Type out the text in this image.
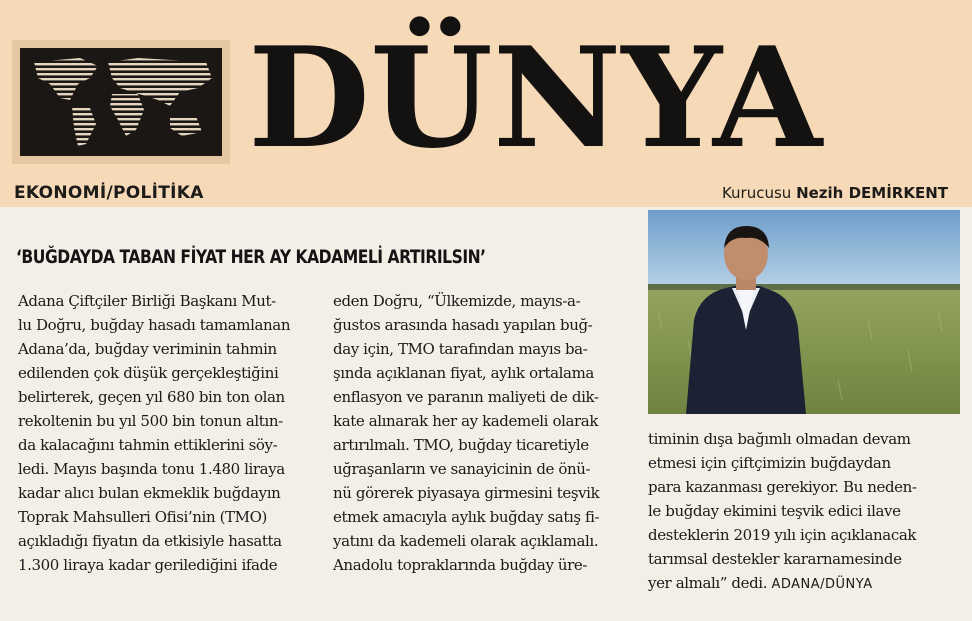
DÜNYA
EKONOMİ/POLİTİKA	Kurucusu Nezih DEMİRKENT
‘BUĞDAYDA TABAN FİYAT HER AY KADAMELİ ARTIRILSIN’
Adana Çiftçiler Birliği Başkanı Mut-
lu Doğru, buğday hasadı tamamlanan
Adana’da, buğday veriminin tahmin
edilenden çok düşük gerçekleştiğini
belirterek, geçen yıl 680 bin ton olan
rekoltenin bu yıl 500 bin tonun altın-
da kalacağını tahmin ettiklerini söy-
ledi. Mayıs başında tonu 1.480 liraya
kadar alıcı bulan ekmeklik buğdayın
Toprak Mahsulleri Ofisi’nin (TMO)
açıkladığı fiyatın da etkisiyle hasatta
1.300 liraya kadar gerilediğini ifade
eden Doğru, “Ülkemizde, mayıs-a-
ğustos arasında hasadı yapılan buğ-
day için, TMO tarafından mayıs ba-
şında açıklanan fiyat, aylık ortalama
enflasyon ve paranın maliyeti de dik-
kate alınarak her ay kademeli olarak
artırılmalı. TMO, buğday ticaretiyle
uğraşanların ve sanayicinin de önü-
nü görerek piyasaya girmesini teşvik
etmek amacıyla aylık buğday satış fi-
yatını da kademeli olarak açıklamalı.
Anadolu topraklarında buğday üre-
timinin dışa bağımlı olmadan devam
etmesi için çiftçimizin buğdaydan
para kazanması gerekiyor. Bu neden-
le buğday ekimini teşvik edici ilave
desteklerin 2019 yılı için açıklanacak
tarımsal destekler kararnamesinde
yer almalı” dedi. ADANA/DÜNYA
